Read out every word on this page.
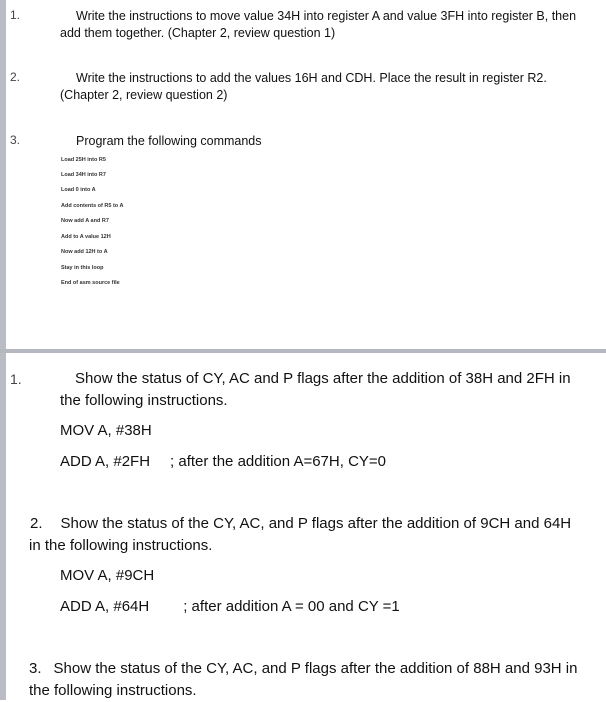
1.	Write the instructions to move value 34H into register A and value 3FH into register B, then
add them together. (Chapter 2, review question 1)
2.	Write the instructions to add the values 16H and CDH. Place the result in register R2.
(Chapter 2, review question 2)
3.	Program the following commands
Load 25H into R5
Load 34H into R7
Load 0 into A
Add contents of R5 to A
Now add A and R7
Add to A value 12H
Now add 12H to A
Stay in this loop
End of asm source file
1.	Show the status of CY, AC and P flags after the addition of 38H and 2FH in
the following instructions.
MOV A, #38H
ADD A, #2FH ; after the addition A=67H, CY=0
2. Show the status of the CY, AC, and P flags after the addition of 9CH and 64H
in the following instructions.
MOV A, #9CH
ADD A, #64H ; after addition A = 00 and CY =1
3. Show the status of the CY, AC, and P flags after the addition of 88H and 93H in
the following instructions.
